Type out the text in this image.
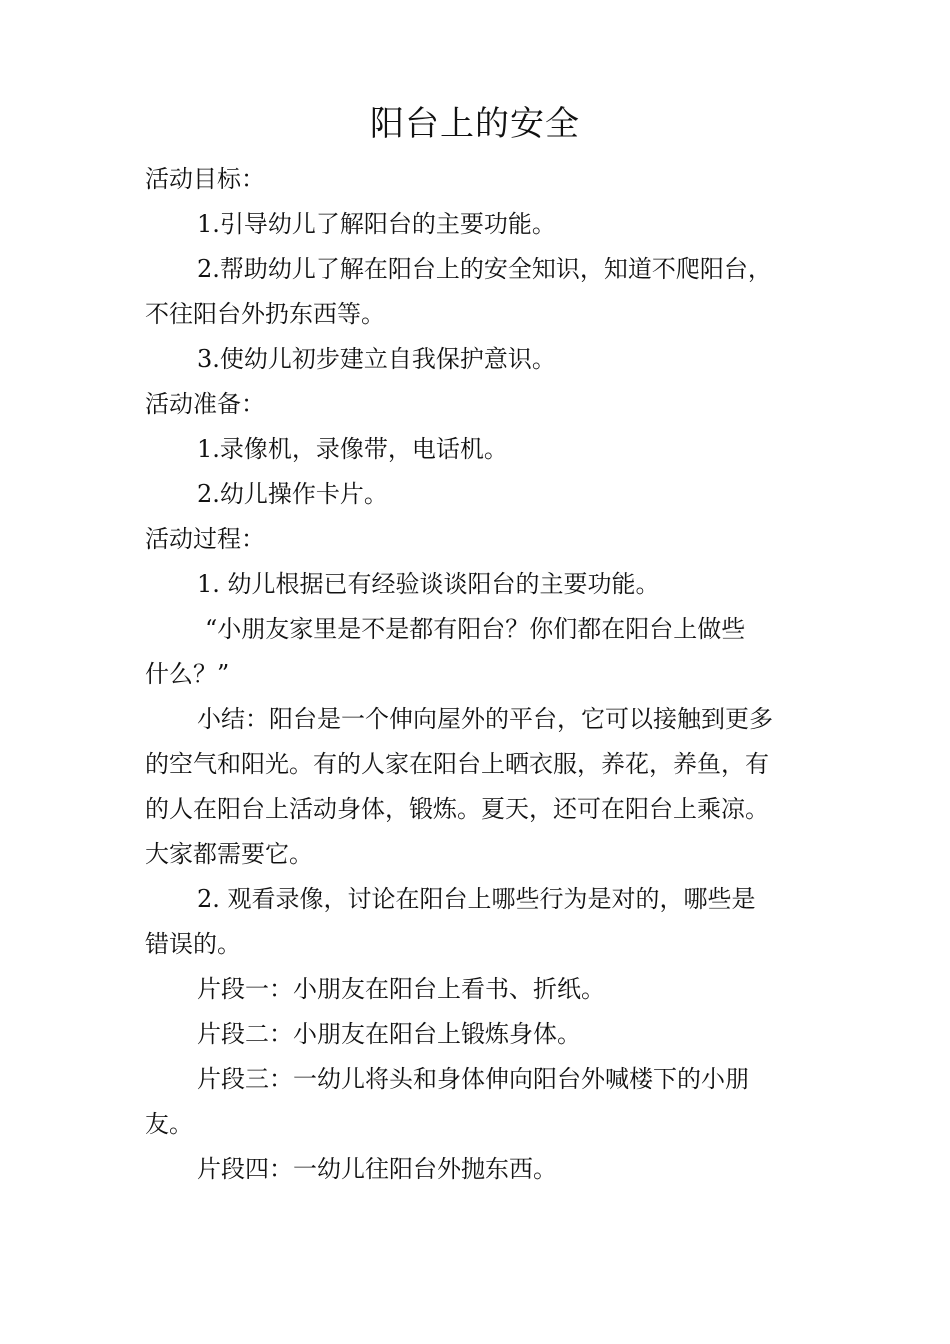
阳台上的安全

活动目标：

1.引导幼儿了解阳台的主要功能。

2.帮助幼儿了解在阳台上的安全知识，知道不爬阳台，

不往阳台外扔东西等。

3.使幼儿初步建立自我保护意识。

活动准备：

1.录像机，录像带，电话机。

2.幼儿操作卡片。

活动过程：

1. 幼儿根据已有经验谈谈阳台的主要功能。

“小朋友家里是不是都有阳台？你们都在阳台上做些

什么？”

小结：阳台是一个伸向屋外的平台，它可以接触到更多

的空气和阳光。有的人家在阳台上晒衣服，养花，养鱼，有

的人在阳台上活动身体，锻炼。夏天，还可在阳台上乘凉。

大家都需要它。

2. 观看录像，讨论在阳台上哪些行为是对的，哪些是

错误的。

片段一：小朋友在阳台上看书、折纸。

片段二：小朋友在阳台上锻炼身体。

片段三：一幼儿将头和身体伸向阳台外喊楼下的小朋

友。

片段四：一幼儿往阳台外抛东西。
